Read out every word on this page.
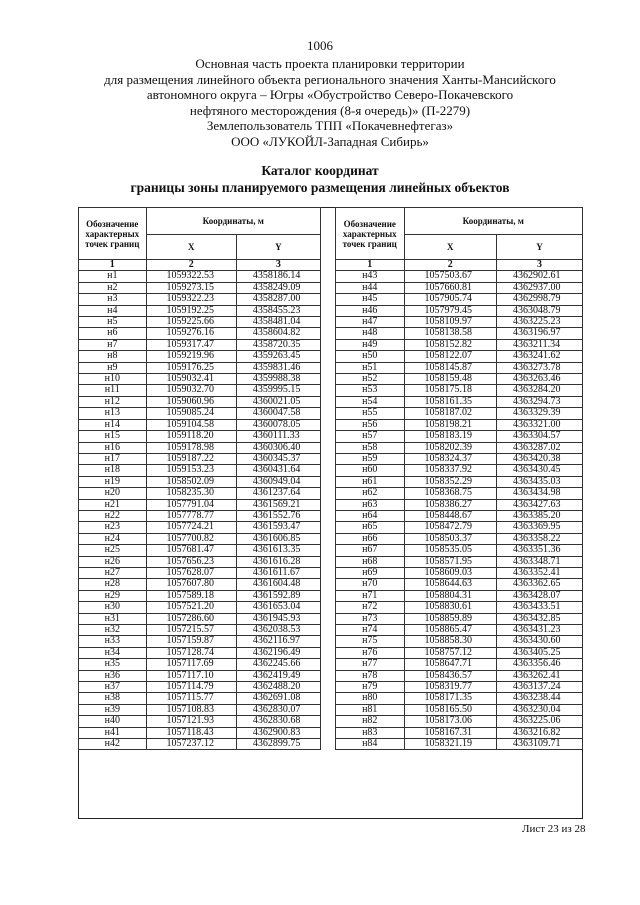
1006
Основная часть проекта планировки территории
для размещения линейного объекта регионального значения Ханты-Мансийского
автономного округа – Югры «Обустройство Северо-Покачевского
нефтяного месторождения (8-я очередь)» (П-2279)
Землепользователь ТПП «Покачевнефтегаз»
ООО «ЛУКОЙЛ-Западная Сибирь»
Каталог координат
границы зоны планируемого размещения линейных объектов
Обозначение характерных точек границ	Координаты, м	
	X	Y
1	2	3
н1	1059322.53	4358186.14
н2	1059273.15	4358249.09
н3	1059322.23	4358287.00
н4	1059192.25	4358455.23
н5	1059225.66	4358481.04
н6	1059276.16	4358604.82
н7	1059317.47	4358720.35
н8	1059219.96	4359263.45
н9	1059176.25	4359831.46
н10	1059032.41	4359988.38
н11	1059032.70	4359995.15
н12	1059060.96	4360021.05
н13	1059085.24	4360047.58
н14	1059104.58	4360078.05
н15	1059118.20	4360111.33
н16	1059178.98	4360306.40
н17	1059187.22	4360345.37
н18	1059153.23	4360431.64
н19	1058502.09	4360949.04
н20	1058235.30	4361237.64
н21	1057791.04	4361569.21
н22	1057778.77	4361552.76
н23	1057724.21	4361593.47
н24	1057700.82	4361606.85
н25	1057681.47	4361613.35
н26	1057656.23	4361616.28
н27	1057628.07	4361611.67
н28	1057607.80	4361604.48
н29	1057589.18	4361592.89
н30	1057521.20	4361653.04
н31	1057286.60	4361945.93
н32	1057215.57	4362038.53
н33	1057159.87	4362116.97
н34	1057128.74	4362196.49
н35	1057117.69	4362245.66
н36	1057117.10	4362419.49
н37	1057114.79	4362488.20
н38	1057115.77	4362691.08
н39	1057108.83	4362830.07
н40	1057121.93	4362830.68
н41	1057118.43	4362900.83
н42	1057237.12	4362899.75
Обозначение характерных точек границ	Координаты, м	
	X	Y
1	2	3
н43	1057503.67	4362902.61
н44	1057660.81	4362937.00
н45	1057905.74	4362998.79
н46	1057979.45	4363048.79
н47	1058109.97	4363225.23
н48	1058138.58	4363196.97
н49	1058152.82	4363211.34
н50	1058122.07	4363241.62
н51	1058145.87	4363273.78
н52	1058159.48	4363263.46
н53	1058175.18	4363284.20
н54	1058161.35	4363294.73
н55	1058187.02	4363329.39
н56	1058198.21	4363321.00
н57	1058183.19	4363304.57
н58	1058202.39	4363287.02
н59	1058324.37	4363420.38
н60	1058337.92	4363430.45
н61	1058352.29	4363435.03
н62	1058368.75	4363434.98
н63	1058386.27	4363427.63
н64	1058448.67	4363385.20
н65	1058472.79	4363369.95
н66	1058503.37	4363358.22
н67	1058535.05	4363351.36
н68	1058571.95	4363348.71
н69	1058609.03	4363352.41
н70	1058644.63	4363362.65
н71	1058804.31	4363428.07
н72	1058830.61	4363433.51
н73	1058859.89	4363432.85
н74	1058865.47	4363431.23
н75	1058858.30	4363430.60
н76	1058757.12	4363405.25
н77	1058647.71	4363356.46
н78	1058436.57	4363262.41
н79	1058319.77	4363137.24
н80	1058171.35	4363238.44
н81	1058165.50	4363230.04
н82	1058173.06	4363225.06
н83	1058167.31	4363216.82
н84	1058321.19	4363109.71
Лист 23 из 28
